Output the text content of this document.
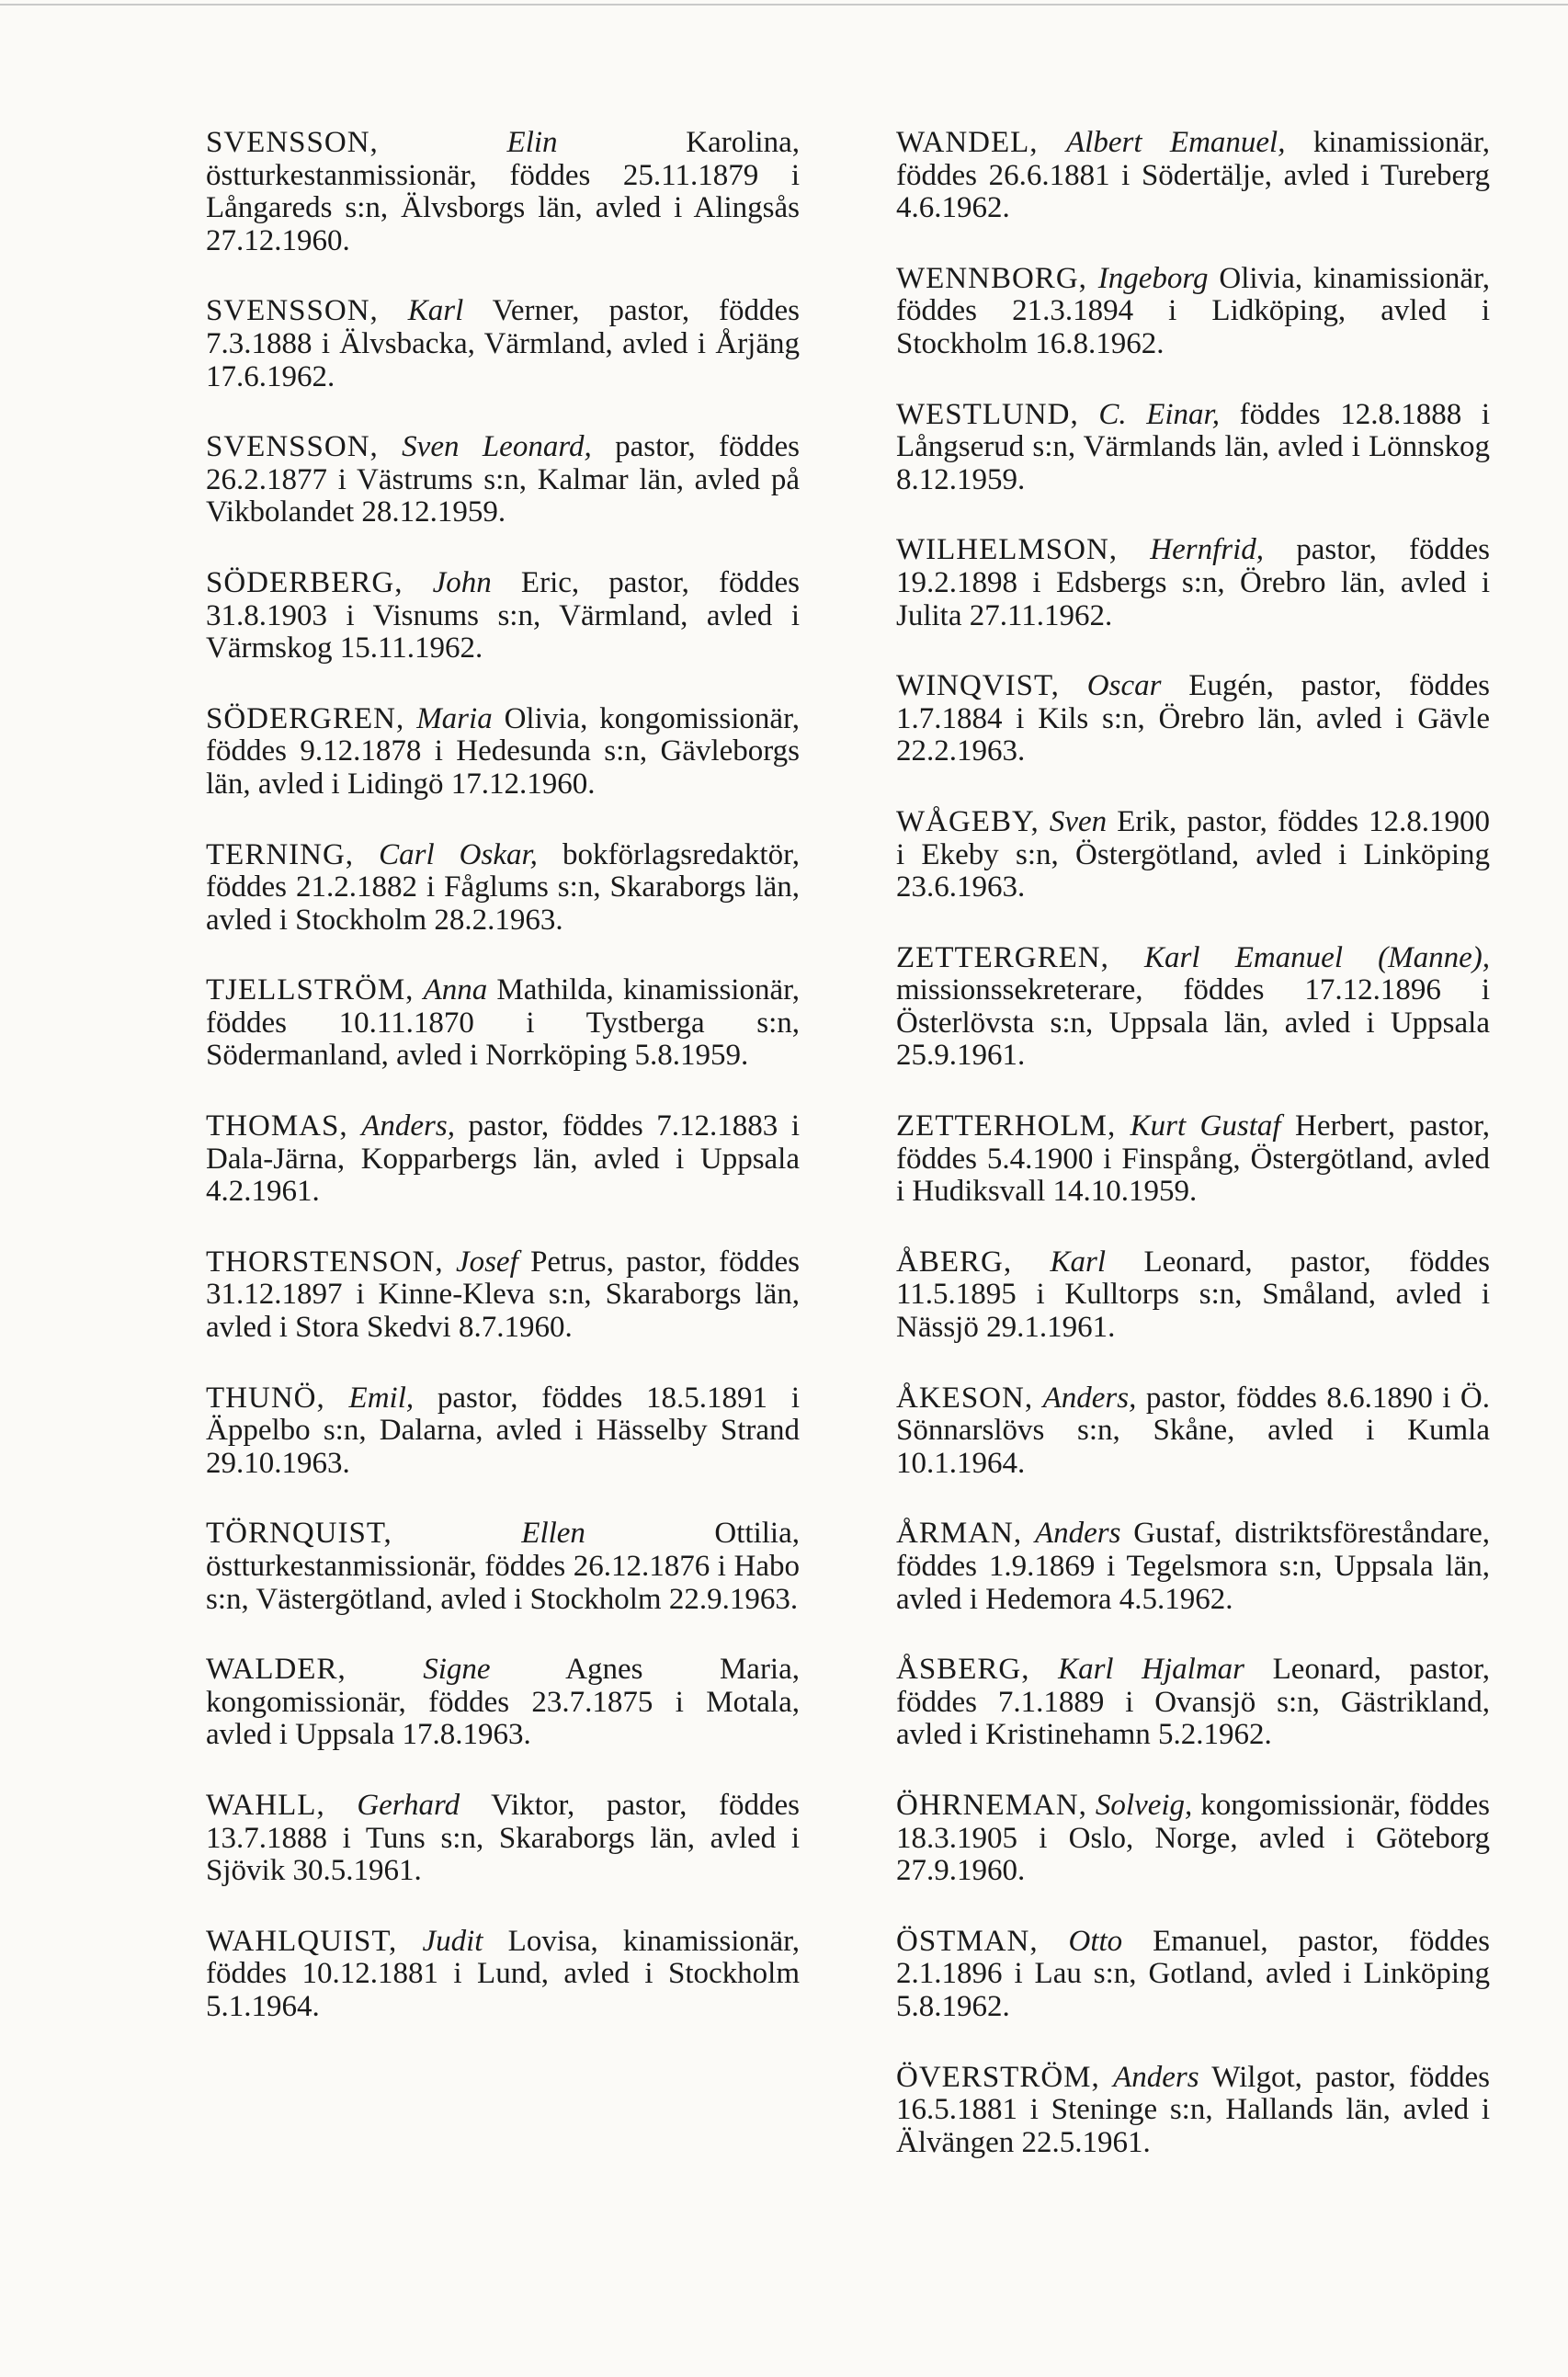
SVENSSON,	Elin	Karolina, östturkestanmissionär, föddes 25.11.1879 i Långareds s:n, Älvsborgs län, avled i Alingsås 27.12.1960.

SVENSSON, Karl Verner, pastor, föddes 7.3.1888 i Älvsbacka, Värmland, avled i Årjäng 17.6.1962.

SVENSSON, Sven Leonard, pastor, föddes 26.2.1877 i Västrums s:n, Kalmar län, avled på Vikbolandet 28.12.1959.

SÖDERBERG, John Eric, pastor, föddes 31.8.1903 i Visnums s:n, Värmland, avled i Värmskog 15.11.1962.

SÖDERGREN, Maria Olivia, kongomissionär, föddes 9.12.1878 i Hedesunda s:n, Gävleborgs län, avled i Lidingö 17.12.1960.

TERNING, Carl Oskar, bokförlagsredaktör, föddes 21.2.1882 i Fåglums s:n, Skaraborgs län, avled i Stockholm 28.2.1963.

TJELLSTRÖM, Anna Mathilda, kinamissionär, föddes 10.11.1870 i Tystberga s:n, Södermanland, avled i Norrköping 5.8.1959.

THOMAS, Anders, pastor, föddes 7.12.1883 i Dala-Järna, Kopparbergs län, avled i Uppsala 4.2.1961.

THORSTENSON, Josef Petrus, pastor, föddes 31.12.1897 i Kinne-Kleva s:n, Skaraborgs län, avled i Stora Skedvi 8.7.1960.

THUNÖ, Emil, pastor, föddes 18.5.1891 i Äppelbo s:n, Dalarna, avled i Hässelby Strand 29.10.1963.

TÖRNQUIST,	Ellen	Ottilia, östturkestanmissionär, föddes 26.12.1876 i Habo s:n, Västergötland, avled i Stockholm 22.9.1963.

WALDER,	Signe Agnes Maria, kongomissionär, föddes 23.7.1875 i Motala, avled i Uppsala 17.8.1963.

WAHLL, Gerhard Viktor, pastor, föddes 13.7.1888 i Tuns s:n, Skaraborgs län, avled i Sjövik 30.5.1961.

WAHLQUIST, Judit Lovisa, kinamissionär, föddes 10.12.1881 i Lund, avled i Stockholm 5.1.1964.

WANDEL, Albert Emanuel, kinamissionär, föddes 26.6.1881 i Södertälje, avled i Tureberg 4.6.1962.

WENNBORG, Ingeborg Olivia, kinamissionär, föddes 21.3.1894 i Lidköping, avled i Stockholm 16.8.1962.

WESTLUND, C. Einar, föddes 12.8.1888 i Långserud s:n, Värmlands län, avled i Lönnskog 8.12.1959.

WILHELMSON, Hernfrid, pastor, föddes 19.2.1898 i Edsbergs s:n, Örebro län, avled i Julita 27.11.1962.

WINQVIST, Oscar Eugén, pastor, föddes 1.7.1884 i Kils s:n, Örebro län, avled i Gävle 22.2.1963.

WÅGEBY, Sven Erik, pastor, föddes 12.8.1900 i Ekeby s:n, Östergötland, avled i Linköping 23.6.1963.

ZETTERGREN, Karl Emanuel (Manne), missionssekreterare, föddes 17.12.1896 i Österlövsta s:n, Uppsala län, avled i Uppsala 25.9.1961.

ZETTERHOLM, Kurt Gustaf Herbert, pastor, föddes 5.4.1900 i Finspång, Östergötland, avled i Hudiksvall 14.10.1959.

ÅBERG, Karl Leonard, pastor, föddes 11.5.1895 i Kulltorps s:n, Småland, avled i Nässjö 29.1.1961.

ÅKESON, Anders, pastor, föddes 8.6.1890 i Ö. Sönnarslövs s:n, Skåne, avled i Kumla 10.1.1964.

ÅRMAN, Anders Gustaf, distriktsföreståndare, föddes 1.9.1869 i Tegelsmora s:n, Uppsala län, avled i Hedemora 4.5.1962.

ÅSBERG, Karl Hjalmar Leonard, pastor, föddes 7.1.1889 i Ovansjö s:n, Gästrikland, avled i Kristinehamn 5.2.1962.

ÖHRNEMAN, Solveig, kongomissionär, föddes 18.3.1905 i Oslo, Norge, avled i Göteborg 27.9.1960.

ÖSTMAN, Otto Emanuel, pastor, föddes 2.1.1896 i Lau s:n, Gotland, avled i Linköping 5.8.1962.

ÖVERSTRÖM, Anders Wilgot, pastor, föddes 16.5.1881 i Steninge s:n, Hallands län, avled i Älvängen 22.5.1961.
